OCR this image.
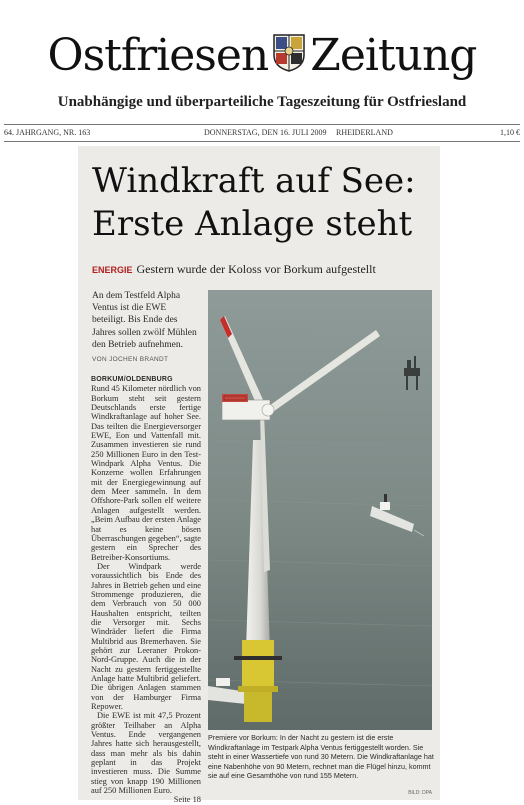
Ostfriesen Zeitung
Unabhängige und überparteiliche Tageszeitung für Ostfriesland
64. JAHRGANG, NR. 163	DONNERSTAG, DEN 16. JULI 2009 RHEIDERLAND	1,10 €
Windkraft auf See:
Erste Anlage steht
ENERGIE Gestern wurde der Koloss vor Borkum aufgestellt
An dem Testfeld Alpha Ventus ist die EWE beteiligt. Bis Ende des Jahres sollen zwölf Mühlen den Betrieb aufnehmen.
VON JOCHEN BRANDT

BORKUM/OLDENBURG
Rund 45 Kilometer nördlich von Borkum steht seit gestern Deutschlands erste fertige Windkraftanlage auf hoher See. Das teilten die Energieversorger EWE, Eon und Vattenfall mit. Zusammen investieren sie rund 250 Millionen Euro in den Test-Windpark Alpha Ventus. Die Konzerne wollen Erfahrungen mit der Energiegewinnung auf dem Meer sammeln. In dem Offshore-Park sollen elf weitere Anlagen aufgestellt werden. „Beim Aufbau der ersten Anlage hat es keine bösen Überraschungen gegeben“, sagte gestern ein Sprecher des Betreiber-Konsortiums.

Der Windpark werde voraussichtlich bis Ende des Jahres in Betrieb gehen und eine Strommenge produzieren, die dem Verbrauch von 50 000 Haushalten entspricht, teilten die Versorger mit. Sechs Windräder liefert die Firma Multibrid aus Bremerhaven. Sie gehört zur Leeraner Prokon-Nord-Gruppe. Auch die in der Nacht zu gestern fertiggestellte Anlage hatte Multibrid geliefert. Die übrigen Anlagen stammen von der Hamburger Firma Repower.

Die EWE ist mit 47,5 Prozent größter Teilhaber an Alpha Ventus. Ende vergangenen Jahres hatte sich herausgestellt, dass man mehr als bis dahin geplant in das Projekt investieren muss. Die Summe stieg von knapp 190 Millionen auf 250 Millionen Euro.
Seite 18

Premiere vor Borkum: In der Nacht zu gestern ist die erste Windkraftanlage im Testpark Alpha Ventus fertiggestellt worden. Sie steht in einer Wassertiefe von rund 30 Metern. Die Windkraftanlage hat eine Nabenhöhe von 90 Metern, rechnet man die Flügel hinzu, kommt sie auf eine Gesamthöhe von rund 155 Metern.
BILD: DPA
